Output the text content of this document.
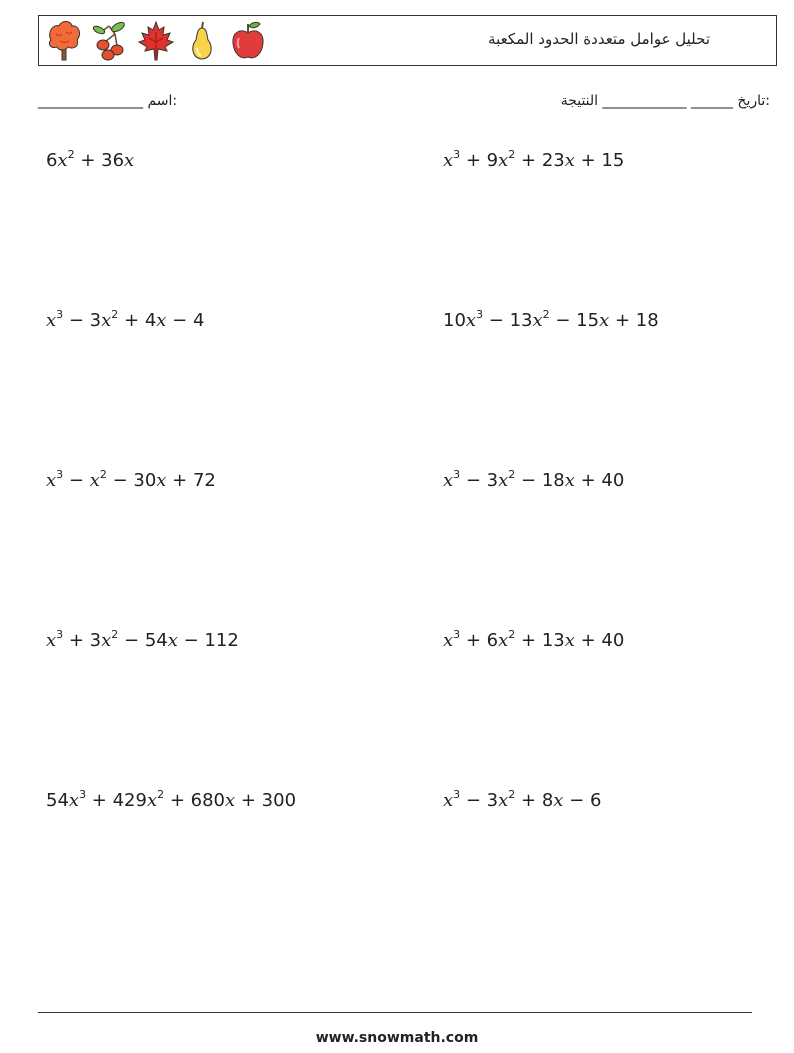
تحليل عوامل متعددة الحدود المكعبة
:اسم _______________	:تاريخ ______ ____________ النتيجة
$6x^2 + 36x$	$x^3 + 9x^2 + 23x + 15$
$x^3 - 3x^2 + 4x - 4$	$10x^3 - 13x^2 - 15x + 18$
$x^3 - x^2 - 30x + 72$	$x^3 - 3x^2 - 18x + 40$
$x^3 + 3x^2 - 54x - 112$	$x^3 + 6x^2 + 13x + 40$
$54x^3 + 429x^2 + 680x + 300$	$x^3 - 3x^2 + 8x - 6$
www.snowmath.com
